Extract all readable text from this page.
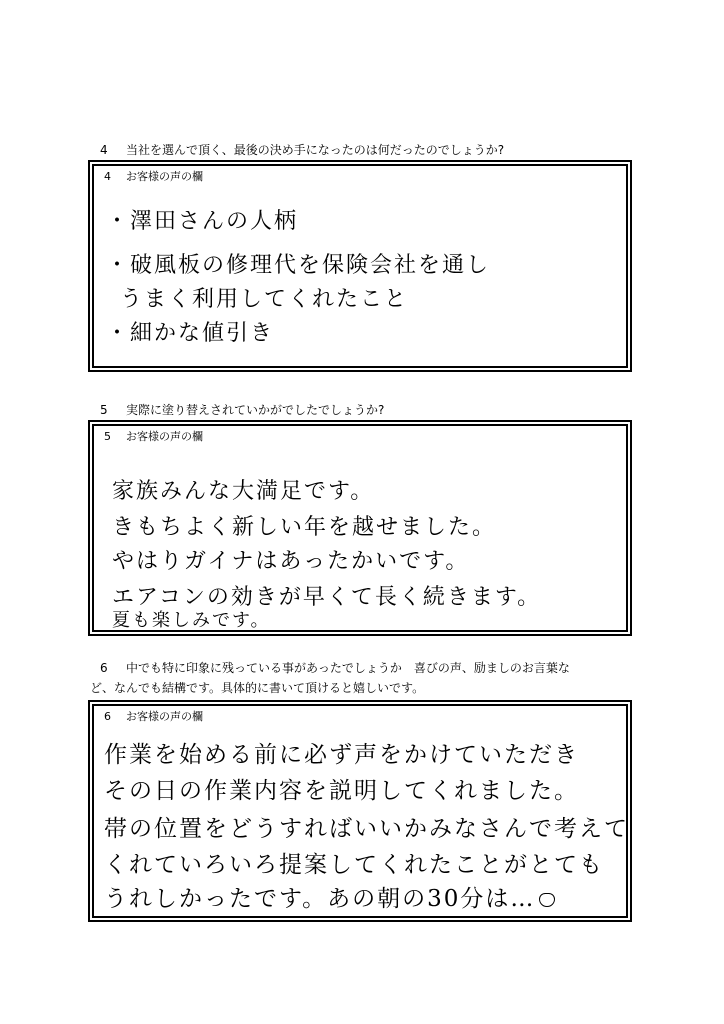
4 当社を選んで頂く、最後の決め手になったのは何だったのでしょうか?
4 お客様の声の欄
・澤田さんの人柄
・破風板の修理代を保険会社を通し
うまく利用してくれたこと
・細かな値引き
5 実際に塗り替えされていかがでしたでしょうか?
5 お客様の声の欄
家族みんな大満足です。
きもちよく新しい年を越せました。
やはりガイナはあったかいです。
エアコンの効きが早くて長く続きます。
夏も楽しみです。
6 中でも特に印象に残っている事があったでしょうか　喜びの声、励ましのお言葉な
ど、なんでも結構です。具体的に書いて頂けると嬉しいです。
6 お客様の声の欄
作業を始める前に必ず声をかけていただき
その日の作業内容を説明してくれました。
帯の位置をどうすればいいかみなさんで考えて
くれていろいろ提案してくれたことがとても
うれしかったです。あの朝の30分は…
